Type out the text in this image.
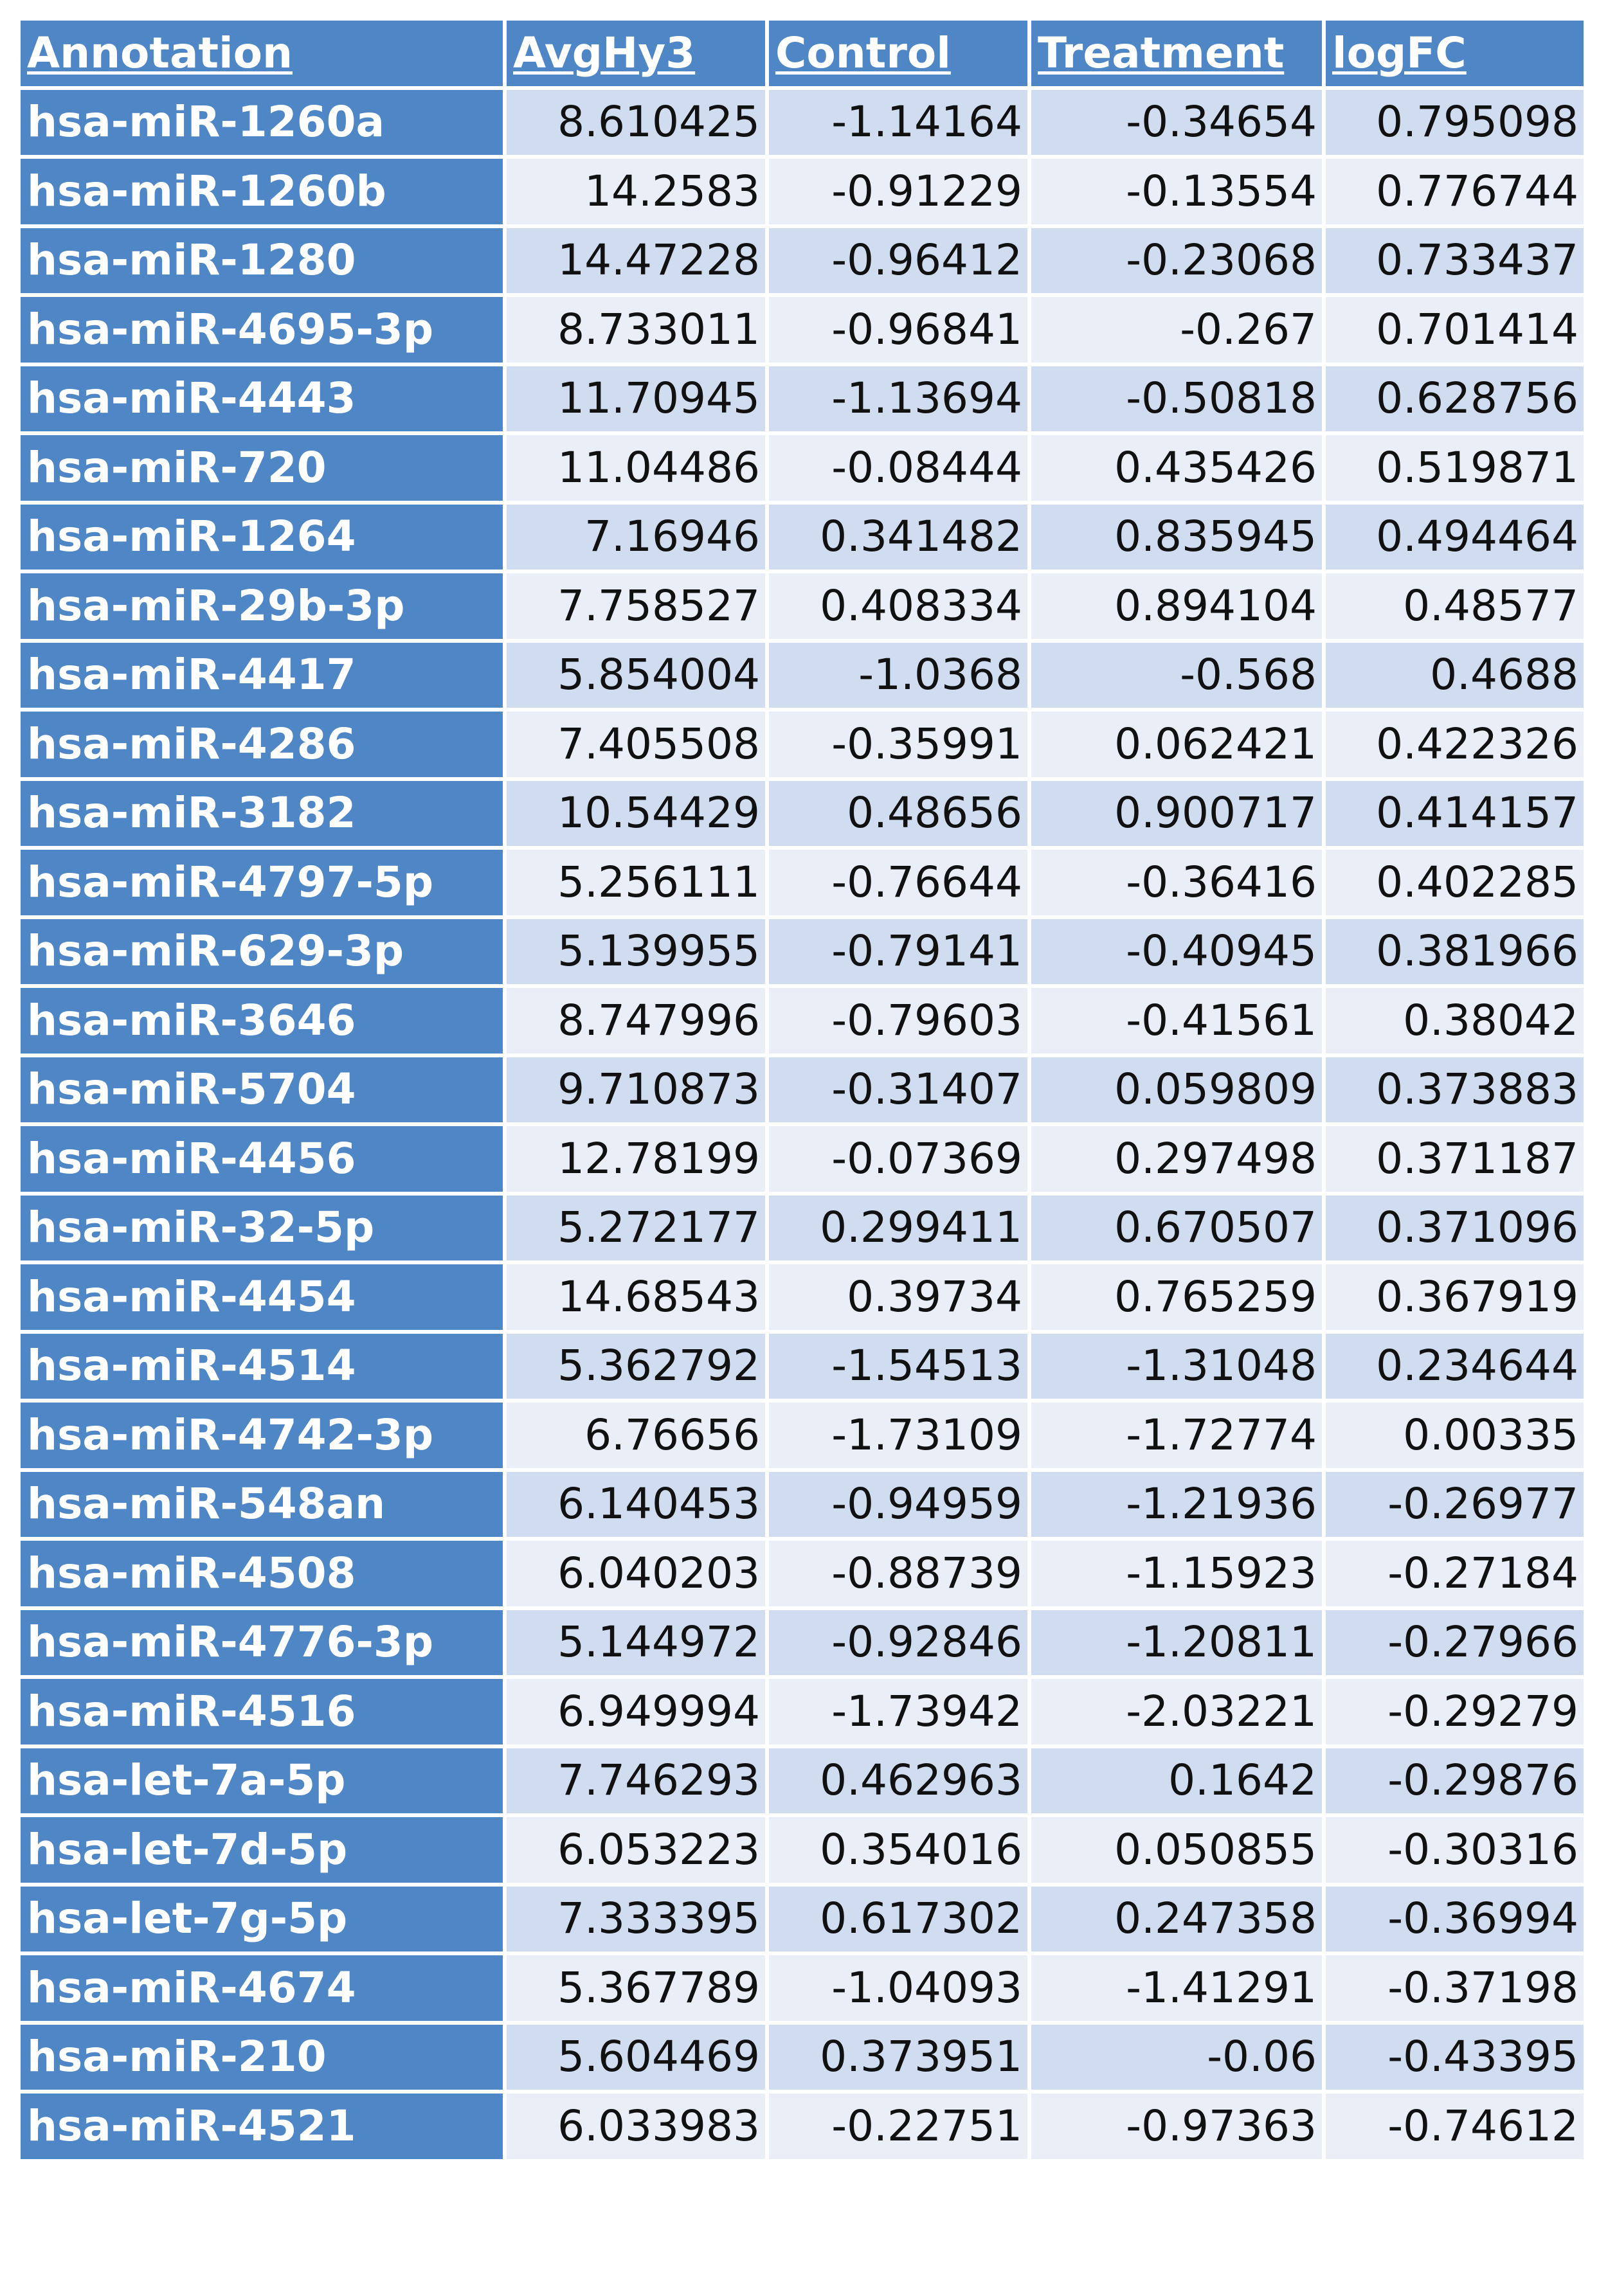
Annotation	AvgHy3	Control	Treatment	logFC
hsa-miR-1260a	8.610425	-1.14164	-0.34654	0.795098
hsa-miR-1260b	14.2583	-0.91229	-0.13554	0.776744
hsa-miR-1280	14.47228	-0.96412	-0.23068	0.733437
hsa-miR-4695-3p	8.733011	-0.96841	-0.267	0.701414
hsa-miR-4443	11.70945	-1.13694	-0.50818	0.628756
hsa-miR-720	11.04486	-0.08444	0.435426	0.519871
hsa-miR-1264	7.16946	0.341482	0.835945	0.494464
hsa-miR-29b-3p	7.758527	0.408334	0.894104	0.48577
hsa-miR-4417	5.854004	-1.0368	-0.568	0.4688
hsa-miR-4286	7.405508	-0.35991	0.062421	0.422326
hsa-miR-3182	10.54429	0.48656	0.900717	0.414157
hsa-miR-4797-5p	5.256111	-0.76644	-0.36416	0.402285
hsa-miR-629-3p	5.139955	-0.79141	-0.40945	0.381966
hsa-miR-3646	8.747996	-0.79603	-0.41561	0.38042
hsa-miR-5704	9.710873	-0.31407	0.059809	0.373883
hsa-miR-4456	12.78199	-0.07369	0.297498	0.371187
hsa-miR-32-5p	5.272177	0.299411	0.670507	0.371096
hsa-miR-4454	14.68543	0.39734	0.765259	0.367919
hsa-miR-4514	5.362792	-1.54513	-1.31048	0.234644
hsa-miR-4742-3p	6.76656	-1.73109	-1.72774	0.00335
hsa-miR-548an	6.140453	-0.94959	-1.21936	-0.26977
hsa-miR-4508	6.040203	-0.88739	-1.15923	-0.27184
hsa-miR-4776-3p	5.144972	-0.92846	-1.20811	-0.27966
hsa-miR-4516	6.949994	-1.73942	-2.03221	-0.29279
hsa-let-7a-5p	7.746293	0.462963	0.1642	-0.29876
hsa-let-7d-5p	6.053223	0.354016	0.050855	-0.30316
hsa-let-7g-5p	7.333395	0.617302	0.247358	-0.36994
hsa-miR-4674	5.367789	-1.04093	-1.41291	-0.37198
hsa-miR-210	5.604469	0.373951	-0.06	-0.43395
hsa-miR-4521	6.033983	-0.22751	-0.97363	-0.74612
